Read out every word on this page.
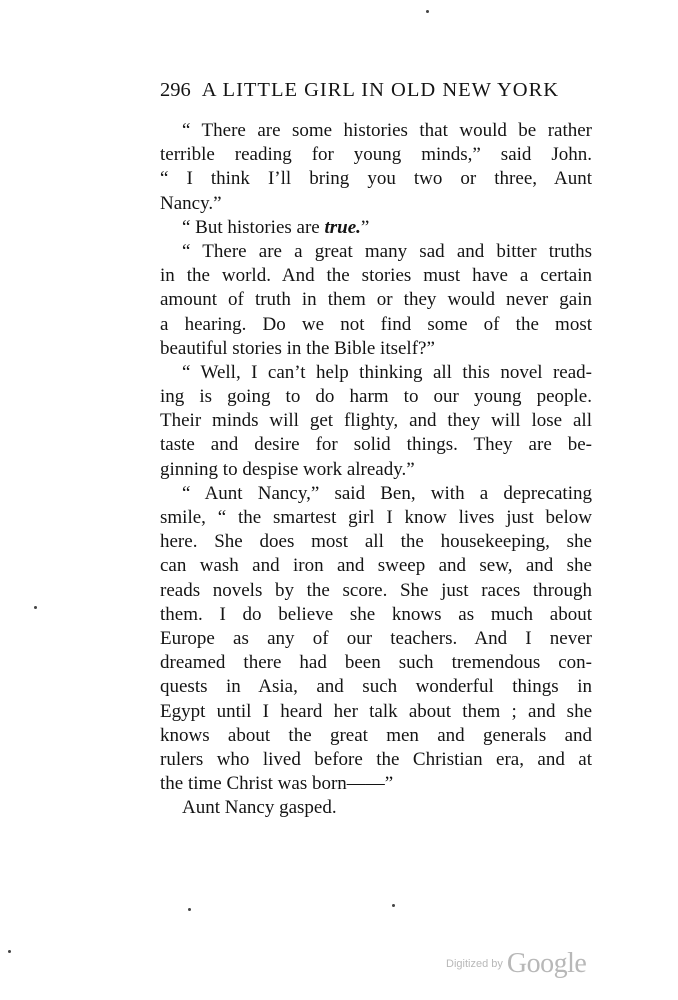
296 A LITTLE GIRL IN OLD NEW YORK
“ There are some histories that would be rather
terrible reading for young minds,” said John.
“ I think I’ll bring you two or three, Aunt
Nancy.”
“ But histories are true.”
“ There are a great many sad and bitter truths
in the world. And the stories must have a certain
amount of truth in them or they would never gain
a hearing. Do we not find some of the most
beautiful stories in the Bible itself?”
“ Well, I can’t help thinking all this novel read-
ing is going to do harm to our young people.
Their minds will get flighty, and they will lose all
taste and desire for solid things. They are be-
ginning to despise work already.”
“ Aunt Nancy,” said Ben, with a deprecating
smile, “ the smartest girl I know lives just below
here. She does most all the housekeeping, she
can wash and iron and sweep and sew, and she
reads novels by the score. She just races through
them. I do believe she knows as much about
Europe as any of our teachers. And I never
dreamed there had been such tremendous con-
quests in Asia, and such wonderful things in
Egypt until I heard her talk about them ; and she
knows about the great men and generals and
rulers who lived before the Christian era, and at
the time Christ was born——”
Aunt Nancy gasped.
Digitized by Google
